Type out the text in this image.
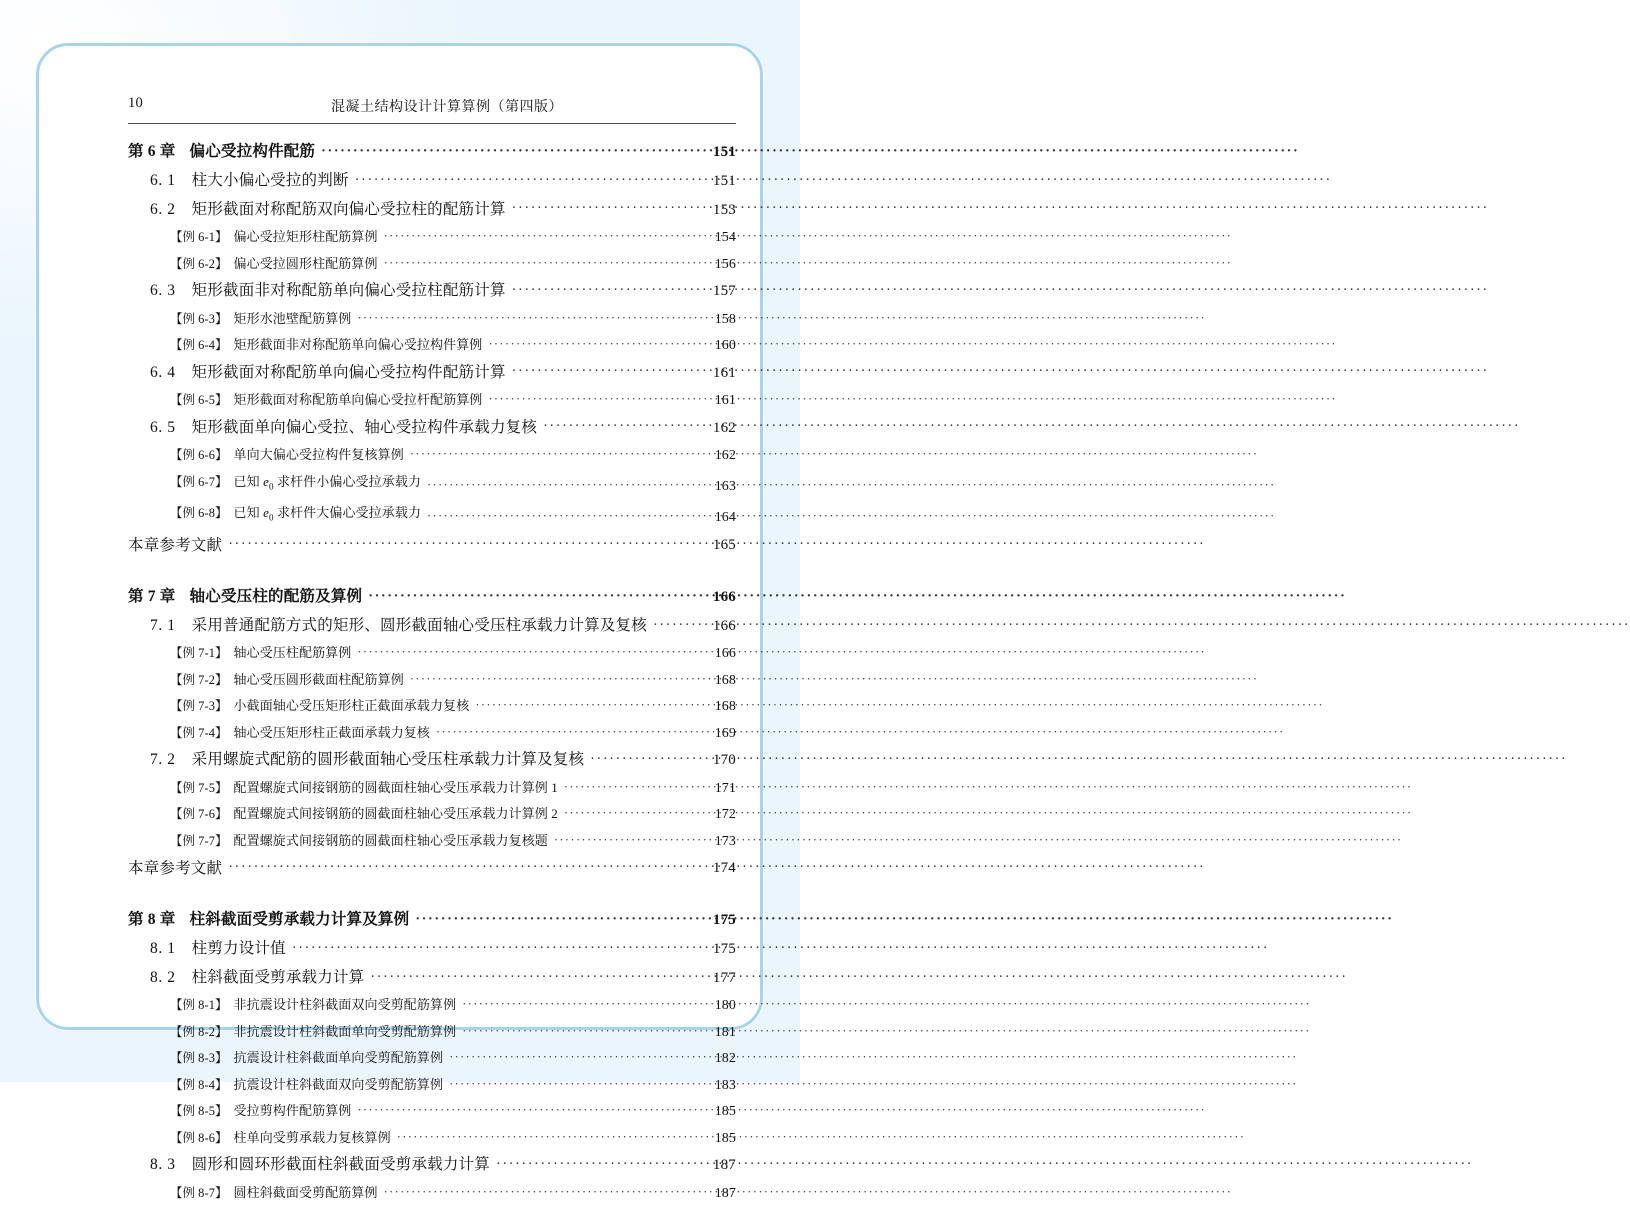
10	混凝土结构设计计算算例（第四版）
第 6 章 偏心受拉构件配筋 ·····	151
6. 1 柱大小偏心受拉的判断 ·····	151
6. 2 矩形截面对称配筋双向偏心受拉柱的配筋计算 ·····	153
【例 6-1】 偏心受拉矩形柱配筋算例 ·····	154
【例 6-2】 偏心受拉圆形柱配筋算例 ·····	156
6. 3 矩形截面非对称配筋单向偏心受拉柱配筋计算 ·····	157
【例 6-3】 矩形水池壁配筋算例 ·····	158
【例 6-4】 矩形截面非对称配筋单向偏心受拉构件算例 ·····	160
6. 4 矩形截面对称配筋单向偏心受拉构件配筋计算 ·····	161
【例 6-5】 矩形截面对称配筋单向偏心受拉杆配筋算例 ·····	161
6. 5 矩形截面单向偏心受拉、轴心受拉构件承载力复核 ·····	162
【例 6-6】 单向大偏心受拉构件复核算例 ·····	162
【例 6-7】 已知 $e_0$ 求杆件小偏心受拉承载力 ·····	163
【例 6-8】 已知 $e_0$ 求杆件大偏心受拉承载力 ·····	164
本章参考文献 ·····	165
第 7 章 轴心受压柱的配筋及算例 ·····	166
7. 1 采用普通配筋方式的矩形、圆形截面轴心受压柱承载力计算及复核 ·····	166
【例 7-1】 轴心受压柱配筋算例 ·····	166
【例 7-2】 轴心受压圆形截面柱配筋算例 ·····	168
【例 7-3】 小截面轴心受压矩形柱正截面承载力复核 ·····	168
【例 7-4】 轴心受压矩形柱正截面承载力复核 ·····	169
7. 2 采用螺旋式配筋的圆形截面轴心受压柱承载力计算及复核 ·····	170
【例 7-5】 配置螺旋式间接钢筋的圆截面柱轴心受压承载力计算例 1 ·····	171
【例 7-6】 配置螺旋式间接钢筋的圆截面柱轴心受压承载力计算例 2 ·····	172
【例 7-7】 配置螺旋式间接钢筋的圆截面柱轴心受压承载力复核题 ·····	173
本章参考文献 ·····	174
第 8 章 柱斜截面受剪承载力计算及算例 ·····	175
8. 1 柱剪力设计值 ·····	175
8. 2 柱斜截面受剪承载力计算 ·····	177
【例 8-1】 非抗震设计柱斜截面双向受剪配筋算例 ·····	180
【例 8-2】 非抗震设计柱斜截面单向受剪配筋算例 ·····	181
【例 8-3】 抗震设计柱斜截面单向受剪配筋算例 ·····	182
【例 8-4】 抗震设计柱斜截面双向受剪配筋算例 ·····	183
【例 8-5】 受拉剪构件配筋算例 ·····	185
【例 8-6】 柱单向受剪承载力复核算例 ·····	185
8. 3 圆形和圆环形截面柱斜截面受剪承载力计算 ·····	187
【例 8-7】 圆柱斜截面受剪配筋算例 ·····	187
